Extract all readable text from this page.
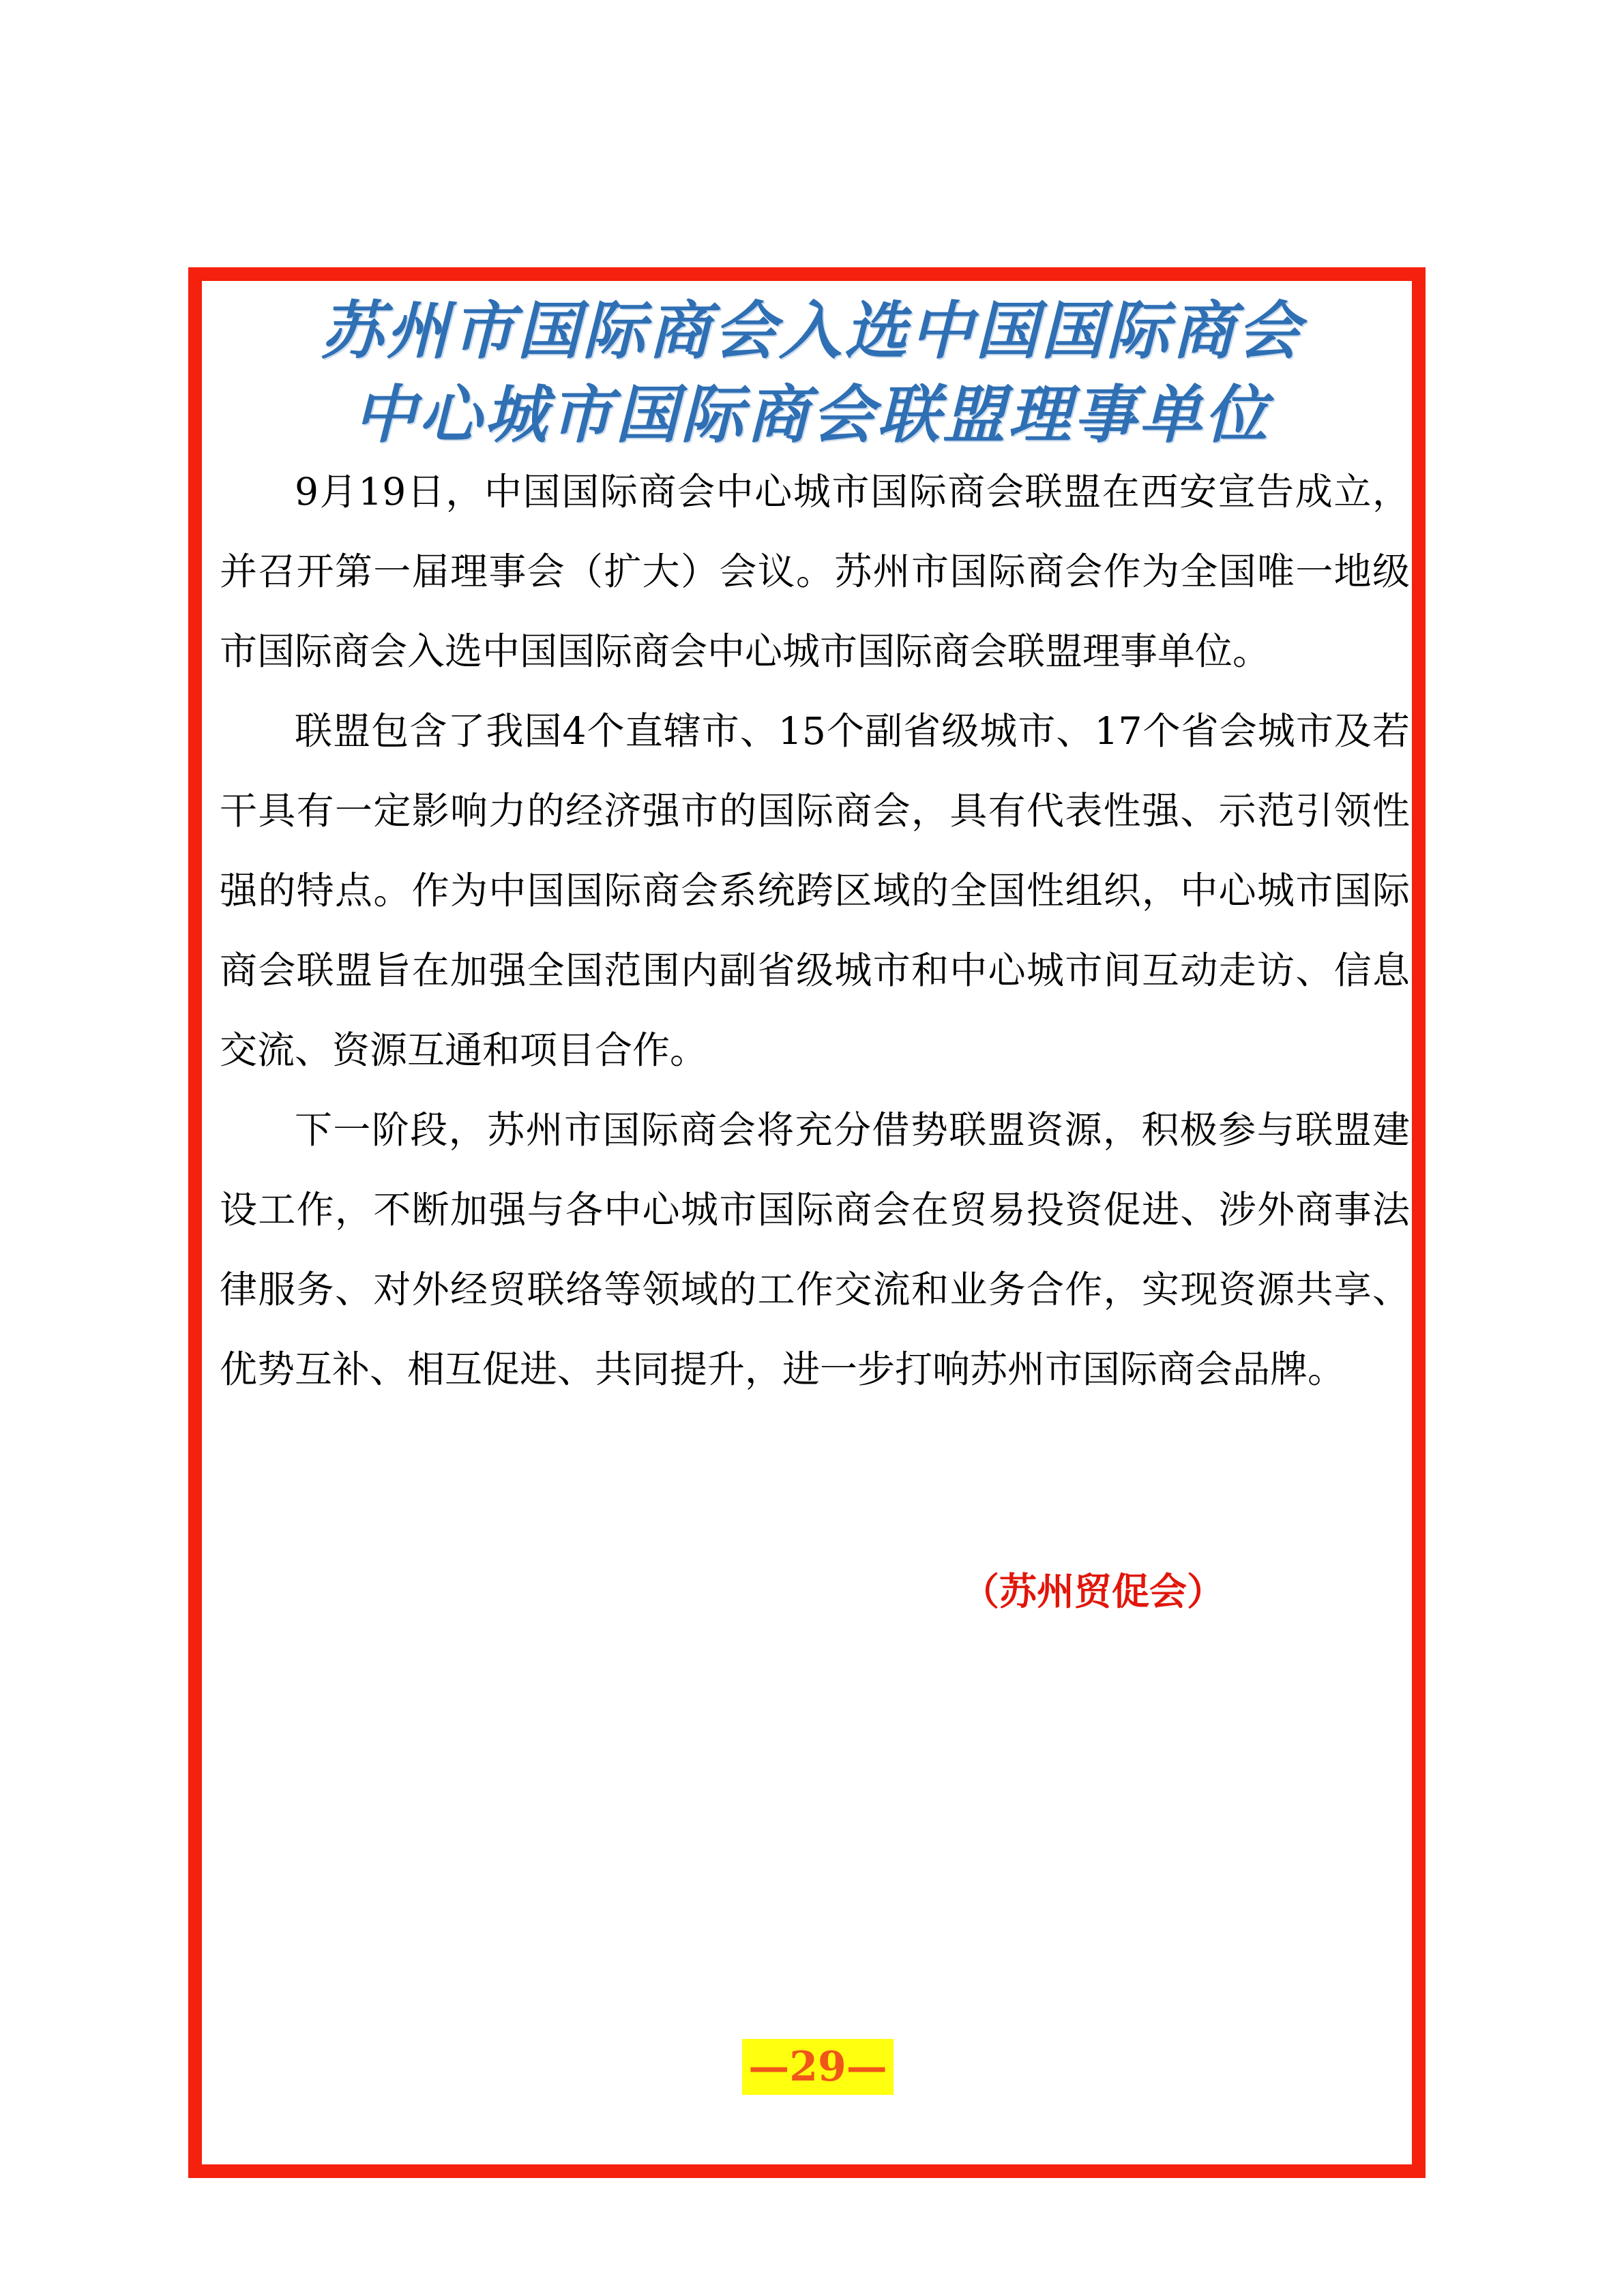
苏州市国际商会入选中国国际商会
中心城市国际商会联盟理事单位

9月19日，中国国际商会中心城市国际商会联盟在西安宣告成立，并召开第一届理事会（扩大）会议。苏州市国际商会作为全国唯一地级市国际商会入选中国国际商会中心城市国际商会联盟理事单位。

联盟包含了我国4个直辖市、15个副省级城市、17个省会城市及若干具有一定影响力的经济强市的国际商会，具有代表性强、示范引领性强的特点。作为中国国际商会系统跨区域的全国性组织，中心城市国际商会联盟旨在加强全国范围内副省级城市和中心城市间互动走访、信息交流、资源互通和项目合作。

下一阶段，苏州市国际商会将充分借势联盟资源，积极参与联盟建设工作，不断加强与各中心城市国际商会在贸易投资促进、涉外商事法律服务、对外经贸联络等领域的工作交流和业务合作，实现资源共享、优势互补、相互促进、共同提升，进一步打响苏州市国际商会品牌。

（苏州贸促会）
—29—
